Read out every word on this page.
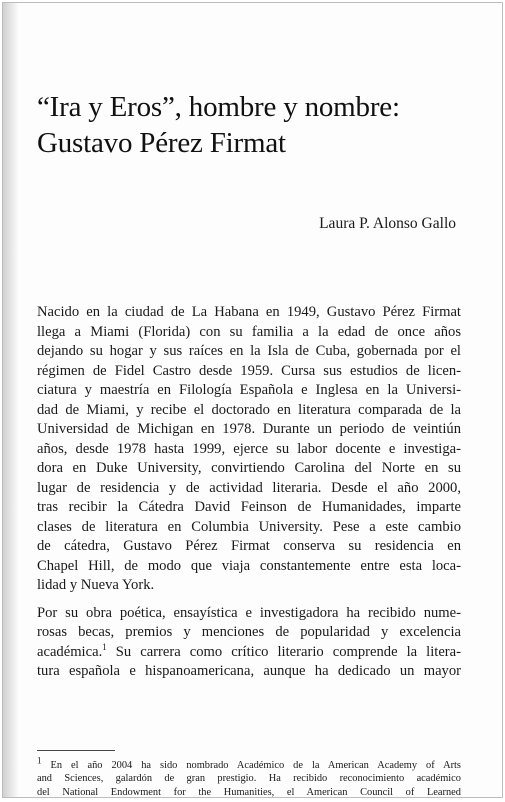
“Ira y Eros”, hombre y nombre:
Gustavo Pérez Firmat
Laura P. Alonso Gallo
Nacido en la ciudad de La Habana en 1949, Gustavo Pérez Firmat
llega a Miami (Florida) con su familia a la edad de once años
dejando su hogar y sus raíces en la Isla de Cuba, gobernada por el
régimen de Fidel Castro desde 1959. Cursa sus estudios de licen-
ciatura y maestría en Filología Española e Inglesa en la Universi-
dad de Miami, y recibe el doctorado en literatura comparada de la
Universidad de Michigan en 1978. Durante un periodo de veintiún
años, desde 1978 hasta 1999, ejerce su labor docente e investiga-
dora en Duke University, convirtiendo Carolina del Norte en su
lugar de residencia y de actividad literaria. Desde el año 2000,
tras recibir la Cátedra David Feinson de Humanidades, imparte
clases de literatura en Columbia University. Pese a este cambio
de cátedra, Gustavo Pérez Firmat conserva su residencia en
Chapel Hill, de modo que viaja constantemente entre esta loca-
lidad y Nueva York.
Por su obra poética, ensayística e investigadora ha recibido nume-
rosas becas, premios y menciones de popularidad y excelencia
académica.$^1$ Su carrera como crítico literario comprende la litera-
tura española e hispanoamericana, aunque ha dedicado un mayor
$^1$ En el año 2004 ha sido nombrado Académico de la American Academy of Arts
and Sciences, galardón de gran prestigio. Ha recibido reconocimiento académico
del National Endowment for the Humanities, el American Council of Learned
